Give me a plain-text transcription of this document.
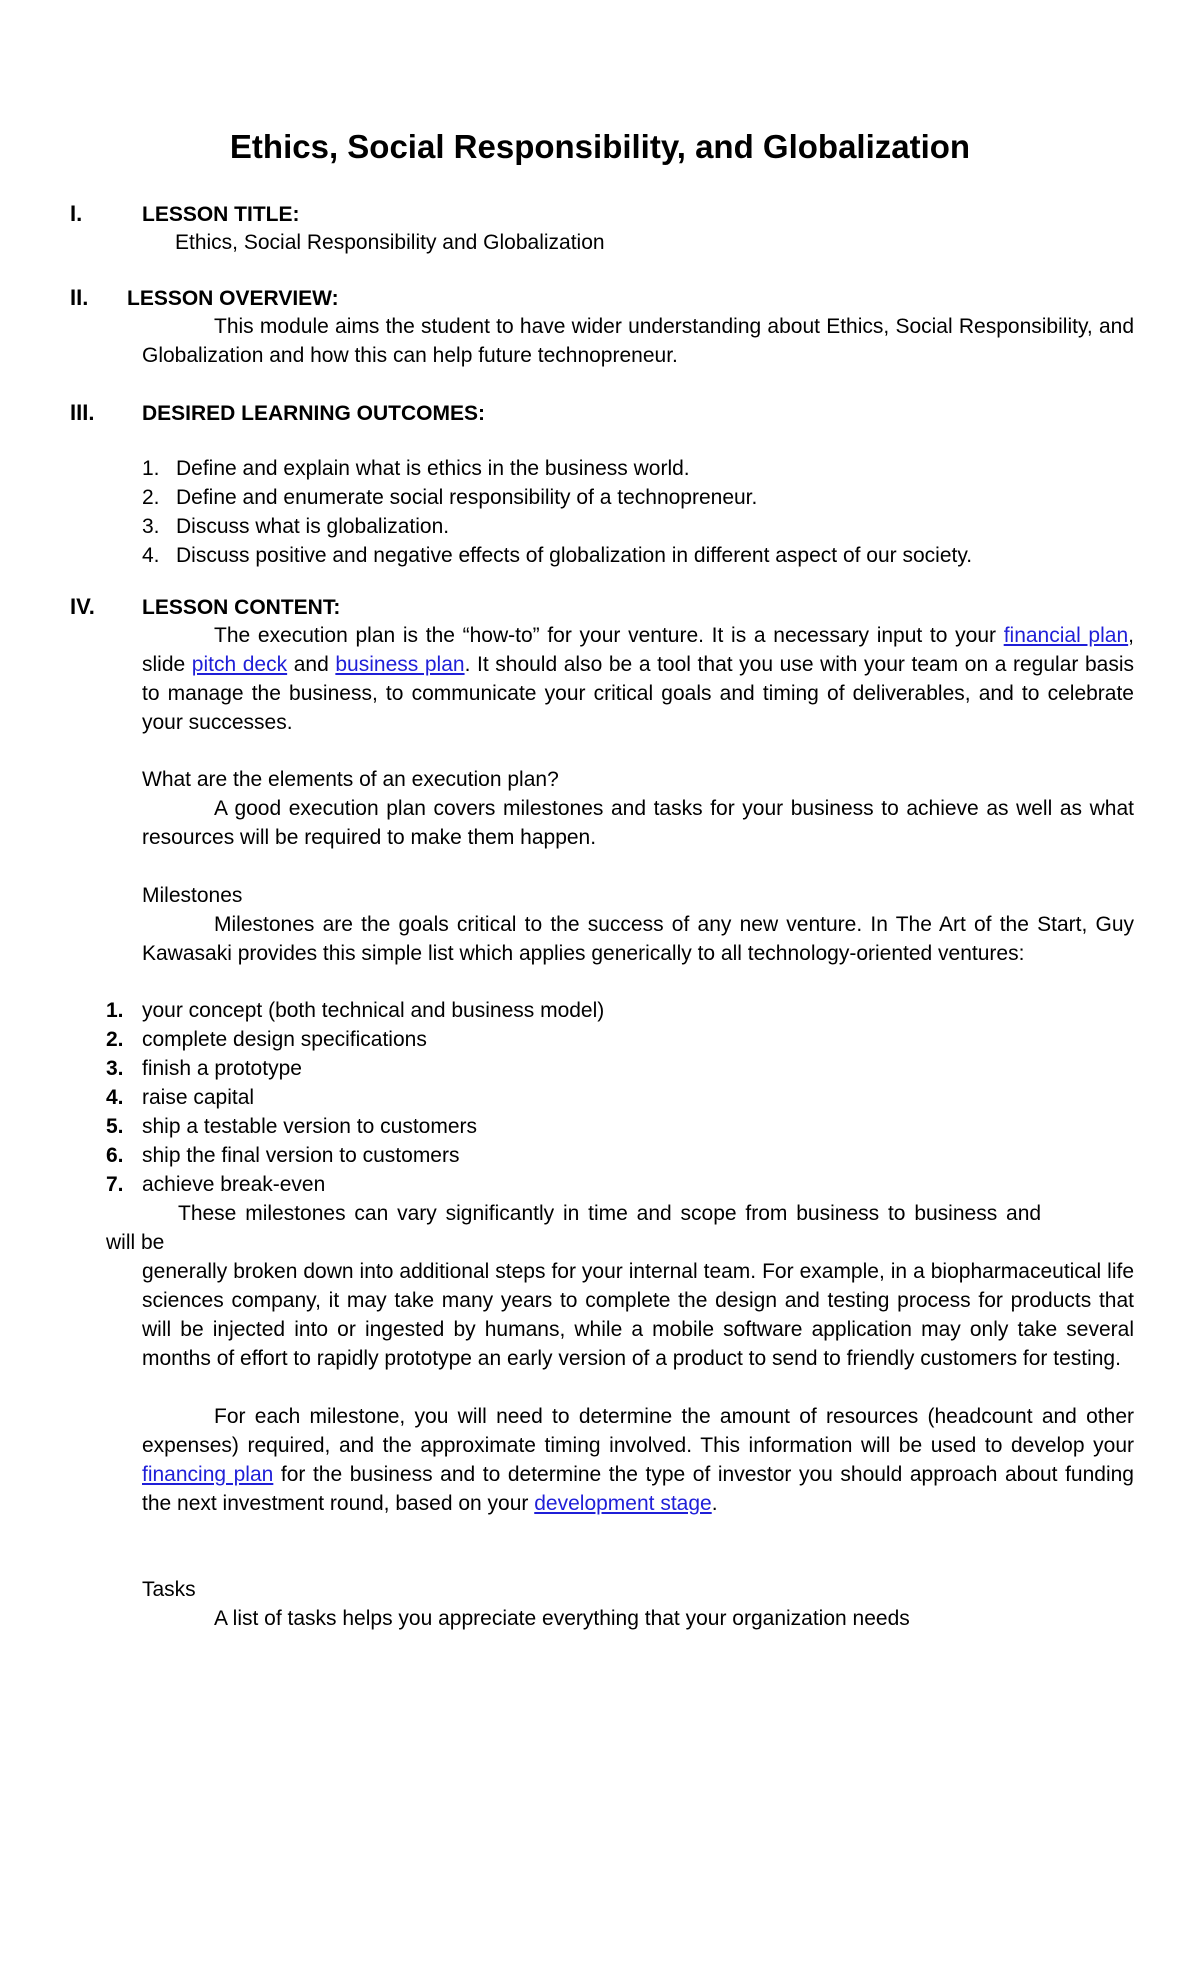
Ethics, Social Responsibility, and Globalization
I.	LESSON TITLE:
Ethics, Social Responsibility and Globalization
II. LESSON OVERVIEW:

This module aims the student to have wider understanding about Ethics, Social Responsibility, and Globalization and how this can help future technopreneur.

III. DESIRED LEARNING OUTCOMES:
1. Define and explain what is ethics in the business world.
2. Define and enumerate social responsibility of a technopreneur.
3. Discuss what is globalization.
4. Discuss positive and negative effects of globalization in different aspect of our society.
IV. LESSON CONTENT:

The execution plan is the “how-to” for your venture. It is a necessary input to your financial plan, slide pitch deck and business plan. It should also be a tool that you use with your team on a regular basis to manage the business, to communicate your critical goals and timing of deliverables, and to celebrate your successes.

What are the elements of an execution plan?

A good execution plan covers milestones and tasks for your business to achieve as well as what resources will be required to make them happen.

Milestones

Milestones are the goals critical to the success of any new venture. In The Art of the Start, Guy Kawasaki provides this simple list which applies generically to all technology-oriented ventures:

1. your concept (both technical and business model)
2. complete design specifications
3. finish a prototype
4. raise capital
5. ship a testable version to customers
6. ship the final version to customers
7. achieve break-even
These milestones can vary significantly in time and scope from business to business and
will be

generally broken down into additional steps for your internal team. For example, in a biopharmaceutical life sciences company, it may take many years to complete the design and testing process for products that will be injected into or ingested by humans, while a mobile software application may only take several months of effort to rapidly prototype an early version of a product to send to friendly customers for testing.

For each milestone, you will need to determine the amount of resources (headcount and other expenses) required, and the approximate timing involved. This information will be used to develop your financing plan for the business and to determine the type of investor you should approach about funding the next investment round, based on your development stage.

Tasks

A list of tasks helps you appreciate everything that your organization needs
